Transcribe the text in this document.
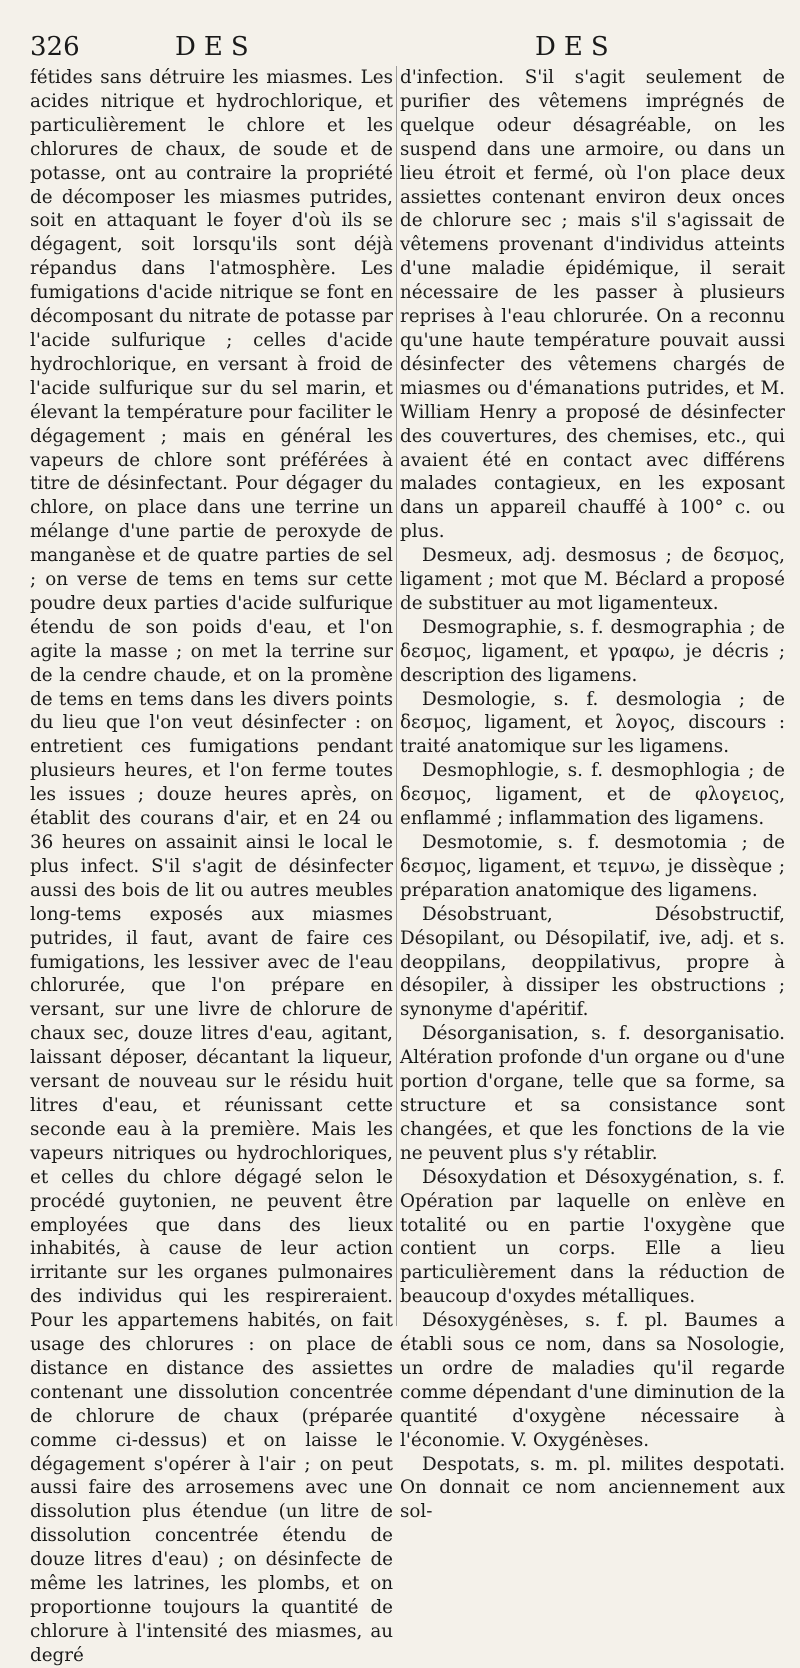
326	DES	DES

fétides sans détruire les miasmes. Les acides nitrique et hydrochlorique, et particulièrement le chlore et les chlorures de chaux, de soude et de potasse, ont au contraire la propriété de décomposer les miasmes putrides, soit en attaquant le foyer d'où ils se dégagent, soit lorsqu'ils sont déjà répandus dans l'atmosphère. Les fumigations d'acide nitrique se font en décomposant du nitrate de potasse par l'acide sulfurique ; celles d'acide hydrochlorique, en versant à froid de l'acide sulfurique sur du sel marin, et élevant la température pour faciliter le dégagement ; mais en général les vapeurs de chlore sont préférées à titre de désinfectant. Pour dégager du chlore, on place dans une terrine un mélange d'une partie de peroxyde de manganèse et de quatre parties de sel ; on verse de tems en tems sur cette poudre deux parties d'acide sulfurique étendu de son poids d'eau, et l'on agite la masse ; on met la terrine sur de la cendre chaude, et on la promène de tems en tems dans les divers points du lieu que l'on veut désinfecter : on entretient ces fumigations pendant plusieurs heures, et l'on ferme toutes les issues ; douze heures après, on établit des courans d'air, et en 24 ou 36 heures on assainit ainsi le local le plus infect. S'il s'agit de désinfecter aussi des bois de lit ou autres meubles long-tems exposés aux miasmes putrides, il faut, avant de faire ces fumigations, les lessiver avec de l'eau chlorurée, que l'on prépare en versant, sur une livre de chlorure de chaux sec, douze litres d'eau, agitant, laissant déposer, décantant la liqueur, versant de nouveau sur le résidu huit litres d'eau, et réunissant cette seconde eau à la première. Mais les vapeurs nitriques ou hydrochloriques, et celles du chlore dégagé selon le procédé guytonien, ne peuvent être employées que dans des lieux inhabités, à cause de leur action irritante sur les organes pulmonaires des individus qui les respireraient. Pour les appartemens habités, on fait usage des chlorures : on place de distance en distance des assiettes contenant une dissolution concentrée de chlorure de chaux (préparée comme ci-dessus) et on laisse le dégagement s'opérer à l'air ; on peut aussi faire des arrosemens avec une dissolution plus étendue (un litre de dissolution concentrée étendu de douze litres d'eau) ; on désinfecte de même les latrines, les plombs, et on proportionne toujours la quantité de chlorure à l'intensité des miasmes, au degré

d'infection. S'il s'agit seulement de purifier des vêtemens imprégnés de quelque odeur désagréable, on les suspend dans une armoire, ou dans un lieu étroit et fermé, où l'on place deux assiettes contenant environ deux onces de chlorure sec ; mais s'il s'agissait de vêtemens provenant d'individus atteints d'une maladie épidémique, il serait nécessaire de les passer à plusieurs reprises à l'eau chlorurée. On a reconnu qu'une haute température pouvait aussi désinfecter des vêtemens chargés de miasmes ou d'émanations putrides, et M. William Henry a proposé de désinfecter des couvertures, des chemises, etc., qui avaient été en contact avec différens malades contagieux, en les exposant dans un appareil chauffé à 100° c. ou plus.

Desmeux, adj. desmosus ; de δεσμος, ligament ; mot que M. Béclard a proposé de substituer au mot ligamenteux.

Desmographie, s. f. desmographia ; de δεσμος, ligament, et γραφω, je décris ; description des ligamens.

Desmologie, s. f. desmologia ; de δεσμος, ligament, et λογος, discours : traité anatomique sur les ligamens.

Desmophlogie, s. f. desmophlogia ; de δεσμος, ligament, et de φλογειος, enflammé ; inflammation des ligamens.

Desmotomie, s. f. desmotomia ; de δεσμος, ligament, et τεμνω, je dissèque ; préparation anatomique des ligamens.

Désobstruant, Désobstructif, Désopilant, ou Désopilatif, ive, adj. et s. deoppilans, deoppilativus, propre à désopiler, à dissiper les obstructions ; synonyme d'apéritif.

Désorganisation, s. f. desorganisatio. Altération profonde d'un organe ou d'une portion d'organe, telle que sa forme, sa structure et sa consistance sont changées, et que les fonctions de la vie ne peuvent plus s'y rétablir.

Désoxydation et Désoxygénation, s. f. Opération par laquelle on enlève en totalité ou en partie l'oxygène que contient un corps. Elle a lieu particulièrement dans la réduction de beaucoup d'oxydes métalliques.

Désoxygénèses, s. f. pl. Baumes a établi sous ce nom, dans sa Nosologie, un ordre de maladies qu'il regarde comme dépendant d'une diminution de la quantité d'oxygène nécessaire à l'économie. V. Oxygénèses.

Despotats, s. m. pl. milites despotati. On donnait ce nom anciennement aux sol-
